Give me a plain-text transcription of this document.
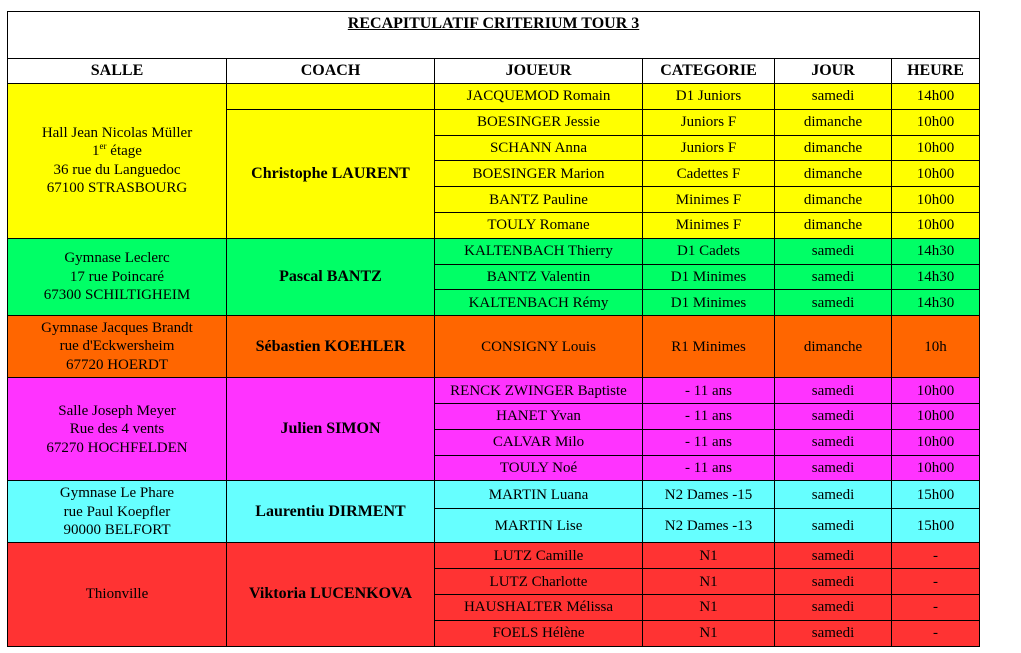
RECAPITULATIF CRITERIUM TOUR 3					
SALLE	COACH	JOUEUR	CATEGORIE	JOUR	HEURE

Hall Jean Nicolas Müller
1er étage
36 rue du Languedoc
67100 STRASBOURG		JACQUEMOD Romain	D1 Juniors	samedi	14h00
	Christophe LAURENT	BOESINGER Jessie	Juniors F	dimanche	10h00
		SCHANN Anna	Juniors F	dimanche	10h00
		BOESINGER Marion	Cadettes F	dimanche	10h00
		BANTZ Pauline	Minimes F	dimanche	10h00
		TOULY Romane	Minimes F	dimanche	10h00

Gymnase Leclerc
17 rue Poincaré
67300 SCHILTIGHEIM	Pascal BANTZ	KALTENBACH Thierry	D1 Cadets	samedi	14h30
		BANTZ Valentin	D1 Minimes	samedi	14h30
		KALTENBACH Rémy	D1 Minimes	samedi	14h30

Gymnase Jacques Brandt
rue d'Eckwersheim
67720 HOERDT	Sébastien KOEHLER	CONSIGNY Louis	R1 Minimes	dimanche	10h

Salle Joseph Meyer
Rue des 4 vents
67270 HOCHFELDEN	Julien SIMON	RENCK ZWINGER Baptiste	- 11 ans	samedi	10h00
		HANET Yvan	- 11 ans	samedi	10h00
		CALVAR Milo	- 11 ans	samedi	10h00
		TOULY Noé	- 11 ans	samedi	10h00

Gymnase Le Phare
rue Paul Koepfler
90000 BELFORT	Laurentiu DIRMENT	MARTIN Luana	N2 Dames -15	samedi	15h00
		MARTIN Lise	N2 Dames -13	samedi	15h00

Thionville	Viktoria LUCENKOVA	LUTZ Camille	N1	samedi	-
		LUTZ Charlotte	N1	samedi	-
		HAUSHALTER Mélissa	N1	samedi	-
		FOELS Hélène	N1	samedi	-
